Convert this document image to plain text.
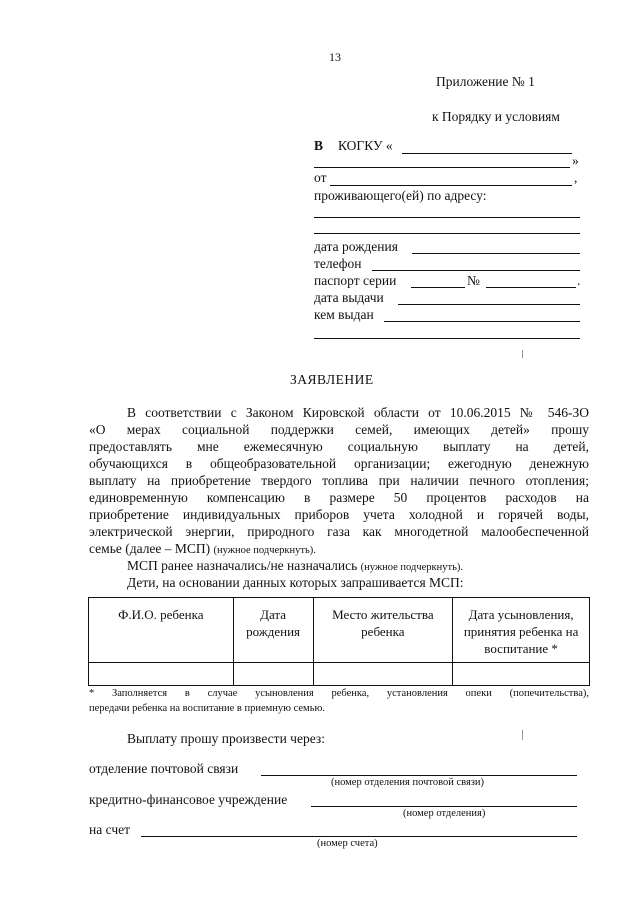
13
Приложение № 1
к Порядку и условиям
В КОГКУ «
»
от	,
проживающего(ей) по адресу:
дата рождения
телефон
паспорт серии	№	.
дата выдачи
кем выдан
ЗАЯВЛЕНИЕ
В соответствии с Законом Кировской области от 10.06.2015 № 546-ЗО
«О мерах социальной поддержки семей, имеющих детей» прошу
предоставлять мне ежемесячную социальную выплату на детей,
обучающихся в общеобразовательной организации; ежегодную денежную
выплату на приобретение твердого топлива при наличии печного отопления;
единовременную компенсацию в размере 50 процентов расходов на
приобретение индивидуальных приборов учета холодной и горячей воды,
электрической энергии, природного газа как многодетной малообеспеченной
семье (далее – МСП) (нужное подчеркнуть).
МСП ранее назначались/не назначались (нужное подчеркнуть).
Дети, на основании данных которых запрашивается МСП:
Ф.И.О. ребенка	Дата рождения	Место жительства ребенка	Дата усыновления, принятия ребенка на воспитание *

* Заполняется в случае усыновления ребенка, установления опеки (попечительства),
передачи ребенка на воспитание в приемную семью.
Выплату прошу произвести через:
отделение почтовой связи
(номер отделения почтовой связи)
кредитно-финансовое учреждение
(номер отделения)
на счет
(номер счета)
